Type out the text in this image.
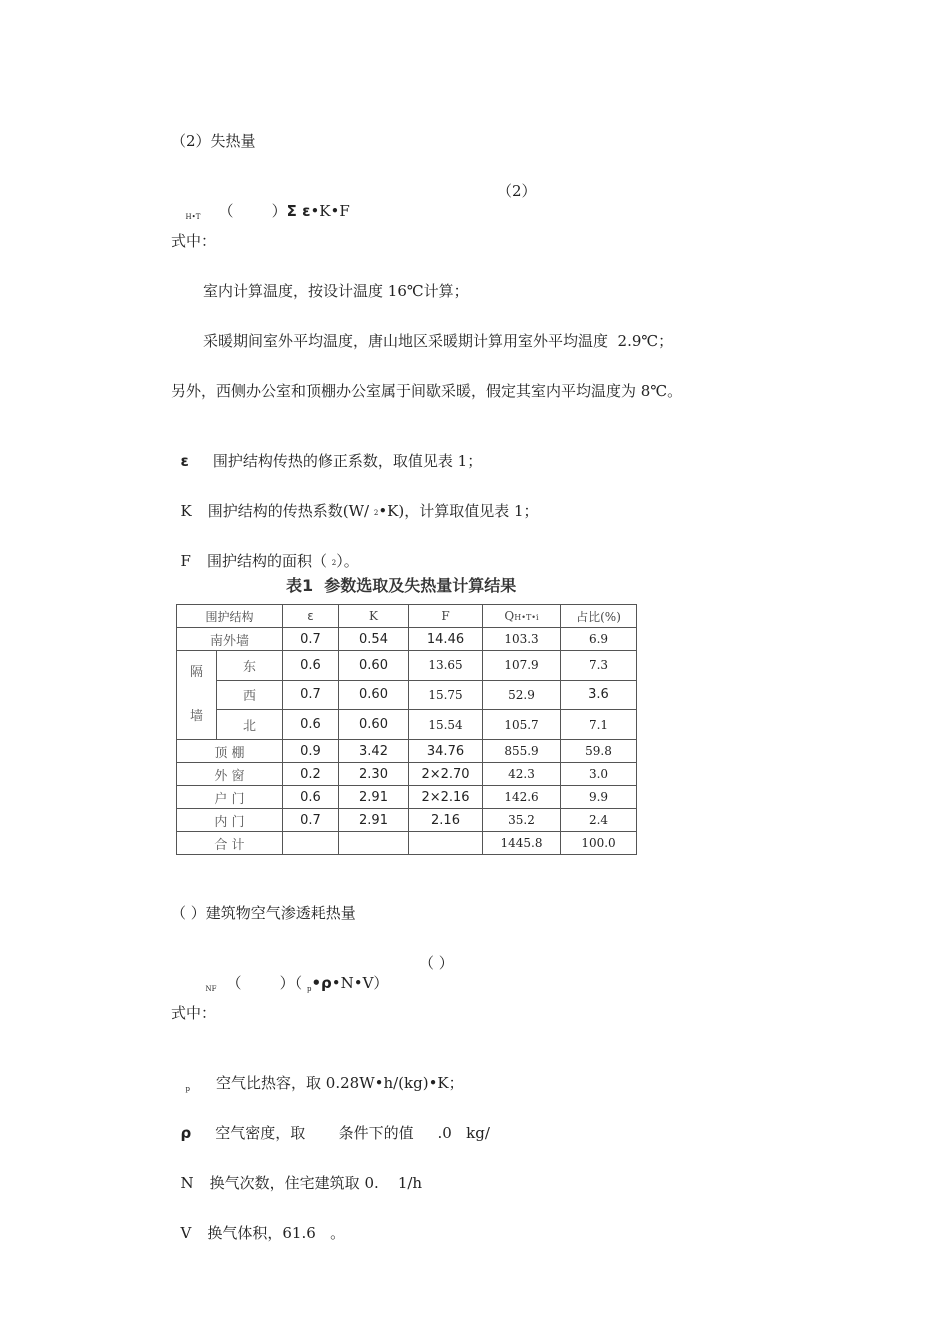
（2）失热量

$_{H•T}$ （        ）Σ ε•K•F

（2）
式中：
室内计算温度，按设计温度 16℃计算；
采暖期间室外平均温度，唐山地区采暖期计算用室外平均温度  2.9℃；
另外，西侧办公室和顶棚办公室属于间歇采暖，假定其室内平均温度为 8℃。

ε 围护结构传热的修正系数，取值见表 1；

K 围护结构的传热系数(W/ 2•K)，计算取值见表 1；

F 围护结构的面积（ 2）。

表1  参数选取及失热量计算结果
围护结构		ε	K	F	QH•T•i	占比(%)
南外墙		0.7	0.54	14.46	103.3	6.9
隔
墙	东	0.6	0.60	13.65	107.9	7.3
	西	0.7	0.60	15.75	52.9	3.6
	北	0.6	0.60	15.54	105.7	7.1
顶 棚		0.9	3.42	34.76	855.9	59.8
外 窗		0.2	2.30	2×2.70	42.3	3.0
户 门		0.6	2.91	2×2.16	142.6	9.9
内 门		0.7	2.91	2.16	35.2	2.4
合 计					1445.8	100.0
（ ）建筑物空气渗透耗热量

$_{NF}$ （        ）（ $_p$•ρ•N•V）

（ ）
式中：

$_p$ 空气比热容，取 0.28W•h/(kg)•K；

ρ 空气密度，取       条件下的值     .0   kg/

N 换气次数，住宅建筑取 0.    1/h

V 换气体积，61.6   。
